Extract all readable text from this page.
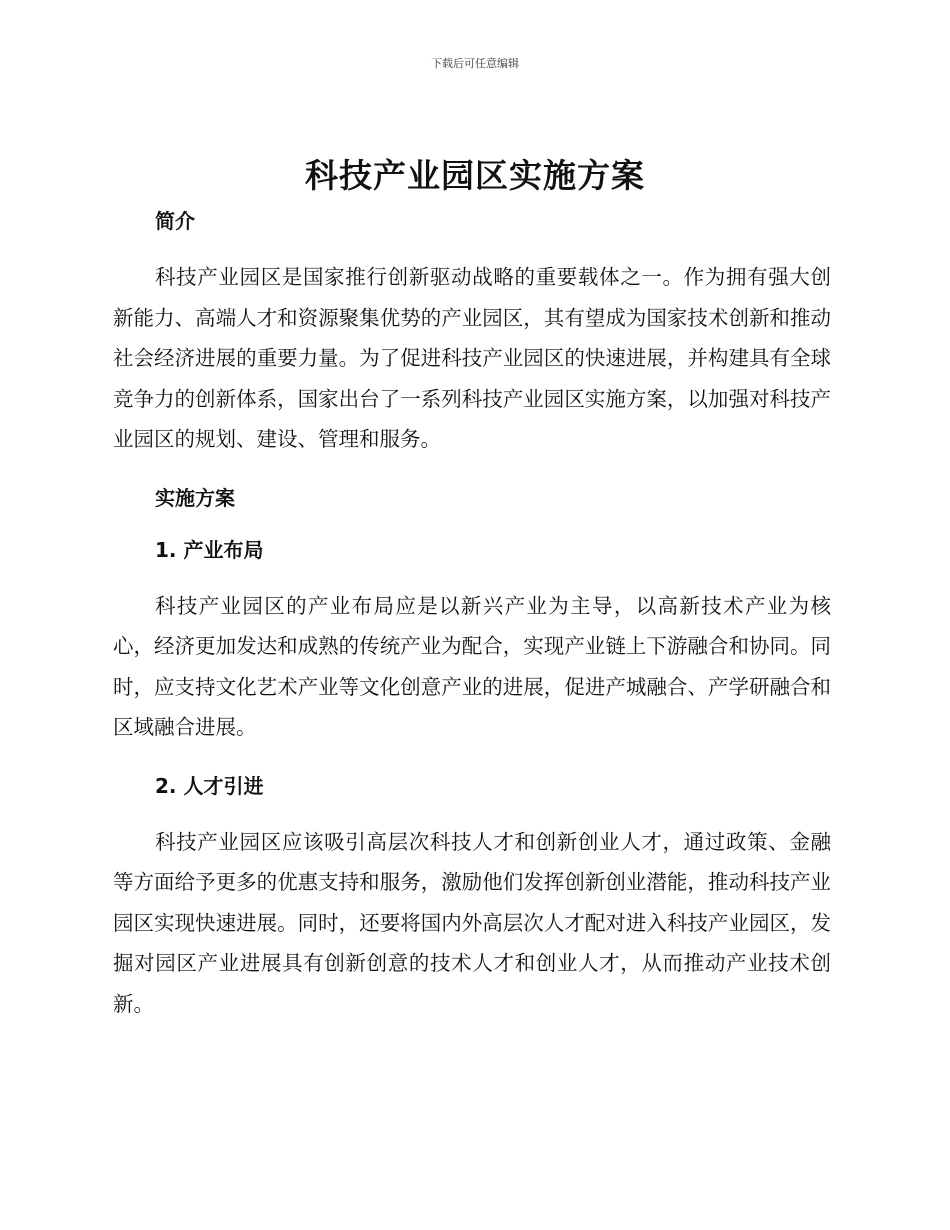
下载后可任意编辑
科技产业园区实施方案
简介

科技产业园区是国家推行创新驱动战略的重要载体之一。作为拥有强大创新能力、高端人才和资源聚集优势的产业园区，其有望成为国家技术创新和推动社会经济进展的重要力量。为了促进科技产业园区的快速进展，并构建具有全球竞争力的创新体系，国家出台了一系列科技产业园区实施方案，以加强对科技产业园区的规划、建设、管理和服务。

实施方案
1. 产业布局

科技产业园区的产业布局应是以新兴产业为主导，以高新技术产业为核心，经济更加发达和成熟的传统产业为配合，实现产业链上下游融合和协同。同时，应支持文化艺术产业等文化创意产业的进展，促进产城融合、产学研融合和区域融合进展。

2. 人才引进

科技产业园区应该吸引高层次科技人才和创新创业人才，通过政策、金融等方面给予更多的优惠支持和服务，激励他们发挥创新创业潜能，推动科技产业园区实现快速进展。同时，还要将国内外高层次人才配对进入科技产业园区，发掘对园区产业进展具有创新创意的技术人才和创业人才，从而推动产业技术创新。
